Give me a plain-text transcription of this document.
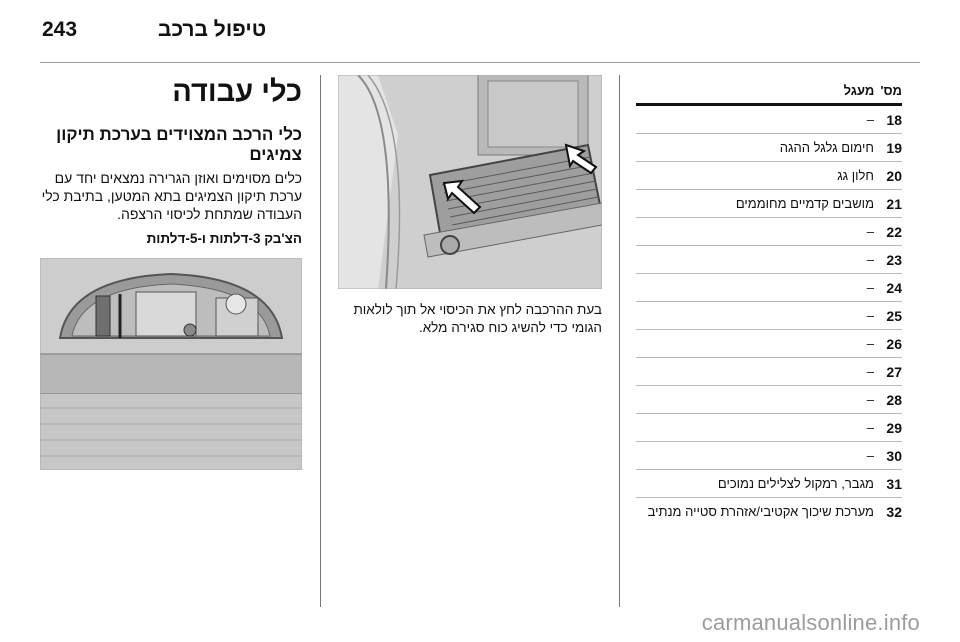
243	טיפול ברכב
מס' מעגל
18
–
19
חימום גלגל ההגה
20
חלון גג
21
מושבים קדמיים מחוממים
22
–
23
–
24
–
25
–
26
–
27
–
28
–
29
–
30
–
31
מגבר, רמקול לצלילים נמוכים
32
מערכת שיכוך אקטיבי/אזהרת סטייה מנתיב
בעת ההרכבה לחץ את הכיסוי אל תוך לולאות הגומי כדי להשיג כוח סגירה מלא.
כלי עבודה
כלי הרכב המצוידים בערכת תיקון צמיגים
כלים מסוימים ואוזן הגרירה נמצאים יחד עם ערכת תיקון הצמיגים בתא המטען, בתיבת כלי העבודה שמתחת לכיסוי הרצפה.
הצ'בק 3-דלתות ו-5-דלתות
carmanualsonline.info
